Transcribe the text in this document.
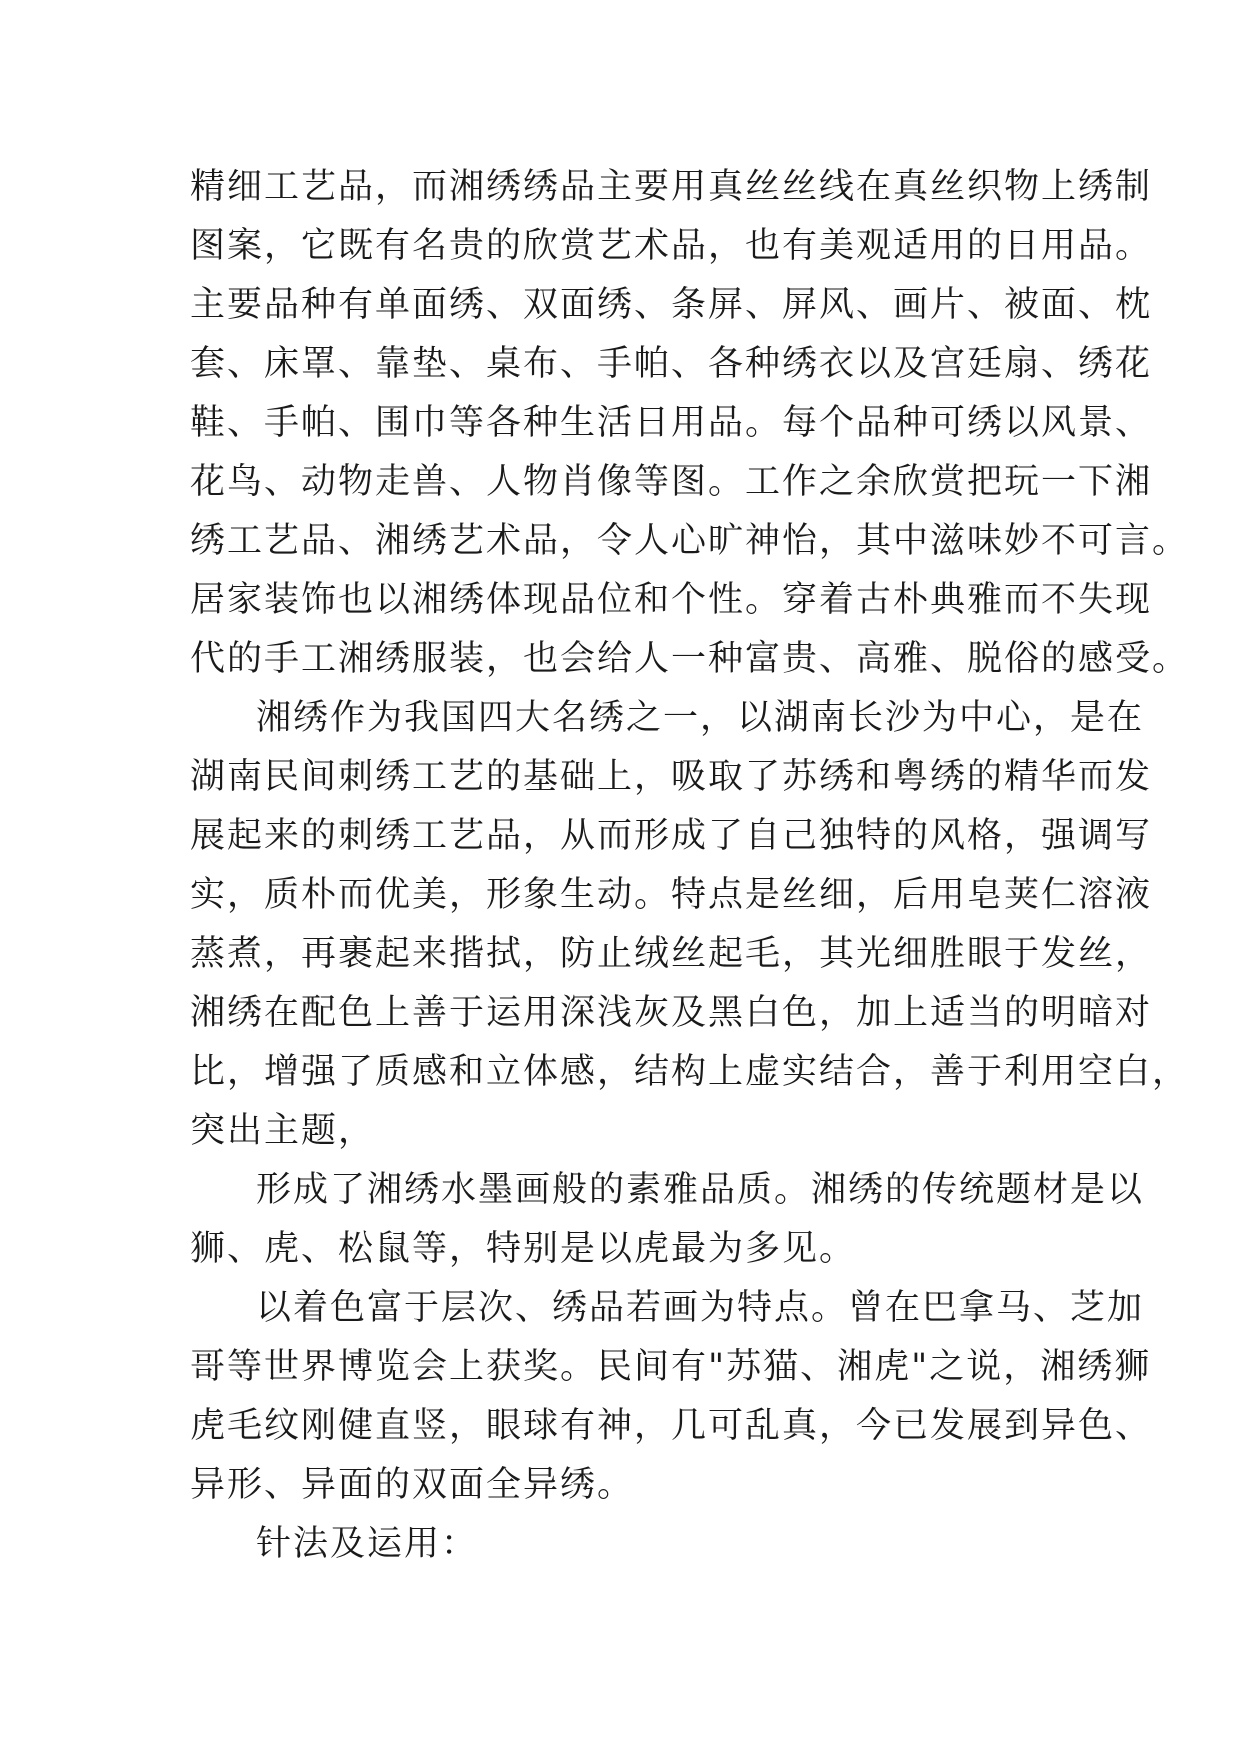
精细工艺品，而湘绣绣品主要用真丝丝线在真丝织物上绣制
图案，它既有名贵的欣赏艺术品，也有美观适用的日用品。
主要品种有单面绣、双面绣、条屏、屏风、画片、被面、枕
套、床罩、靠垫、桌布、手帕、各种绣衣以及宫廷扇、绣花
鞋、手帕、围巾等各种生活日用品。每个品种可绣以风景、
花鸟、动物走兽、人物肖像等图。工作之余欣赏把玩一下湘
绣工艺品、湘绣艺术品，令人心旷神怡，其中滋味妙不可言。
居家装饰也以湘绣体现品位和个性。穿着古朴典雅而不失现
代的手工湘绣服装，也会给人一种富贵、高雅、脱俗的感受。
湘绣作为我国四大名绣之一，以湖南长沙为中心，是在
湖南民间刺绣工艺的基础上，吸取了苏绣和粤绣的精华而发
展起来的刺绣工艺品，从而形成了自己独特的风格，强调写
实，质朴而优美，形象生动。特点是丝细，后用皂荚仁溶液
蒸煮，再裹起来揩拭，防止绒丝起毛，其光细胜眼于发丝，
湘绣在配色上善于运用深浅灰及黑白色，加上适当的明暗对
比，增强了质感和立体感，结构上虚实结合，善于利用空白，
突出主题，
形成了湘绣水墨画般的素雅品质。湘绣的传统题材是以
狮、虎、松鼠等，特别是以虎最为多见。
以着色富于层次、绣品若画为特点。曾在巴拿马、芝加
哥等世界博览会上获奖。民间有"苏猫、湘虎"之说，湘绣狮
虎毛纹刚健直竖，眼球有神，几可乱真，今已发展到异色、
异形、异面的双面全异绣。
针法及运用：
